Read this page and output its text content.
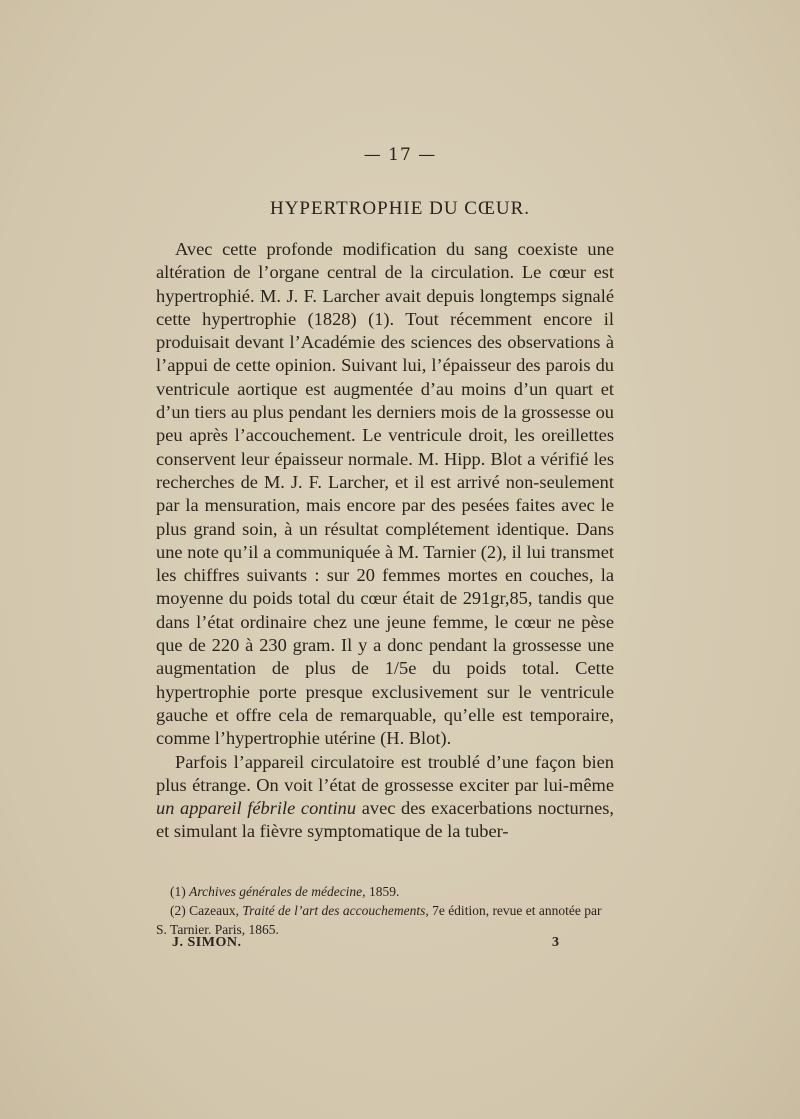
— 17 —
HYPERTROPHIE DU CŒUR.

Avec cette profonde modification du sang coexiste une altération de l’organe central de la circulation. Le cœur est hypertrophié. M. J. F. Larcher avait depuis longtemps signalé cette hypertrophie (1828) (1). Tout récemment encore il produisait devant l’Académie des sciences des observations à l’appui de cette opinion. Suivant lui, l’épaisseur des parois du ventricule aortique est augmentée d’au moins d’un quart et d’un tiers au plus pendant les derniers mois de la grossesse ou peu après l’accouchement. Le ventricule droit, les oreillettes conservent leur épaisseur normale. M. Hipp. Blot a vérifié les recherches de M. J. F. Larcher, et il est arrivé non-seulement par la mensuration, mais encore par des pesées faites avec le plus grand soin, à un résultat complétement identique. Dans une note qu’il a communiquée à M. Tarnier (2), il lui transmet les chiffres suivants : sur 20 femmes mortes en couches, la moyenne du poids total du cœur était de 291gr,85, tandis que dans l’état ordinaire chez une jeune femme, le cœur ne pèse que de 220 à 230 gram. Il y a donc pendant la grossesse une augmentation de plus de 1/5e du poids total. Cette hypertrophie porte presque exclusivement sur le ventricule gauche et offre cela de remarquable, qu’elle est temporaire, comme l’hypertrophie utérine (H. Blot).

Parfois l’appareil circulatoire est troublé d’une façon bien plus étrange. On voit l’état de grossesse exciter par lui-même un appareil fébrile continu avec des exacerbations nocturnes, et simulant la fièvre symptomatique de la tuber-

(1) Archives générales de médecine, 1859.

(2) Cazeaux, Traité de l’art des accouchements, 7e édition, revue et annotée par S. Tarnier. Paris, 1865.

J. SIMON.	3
